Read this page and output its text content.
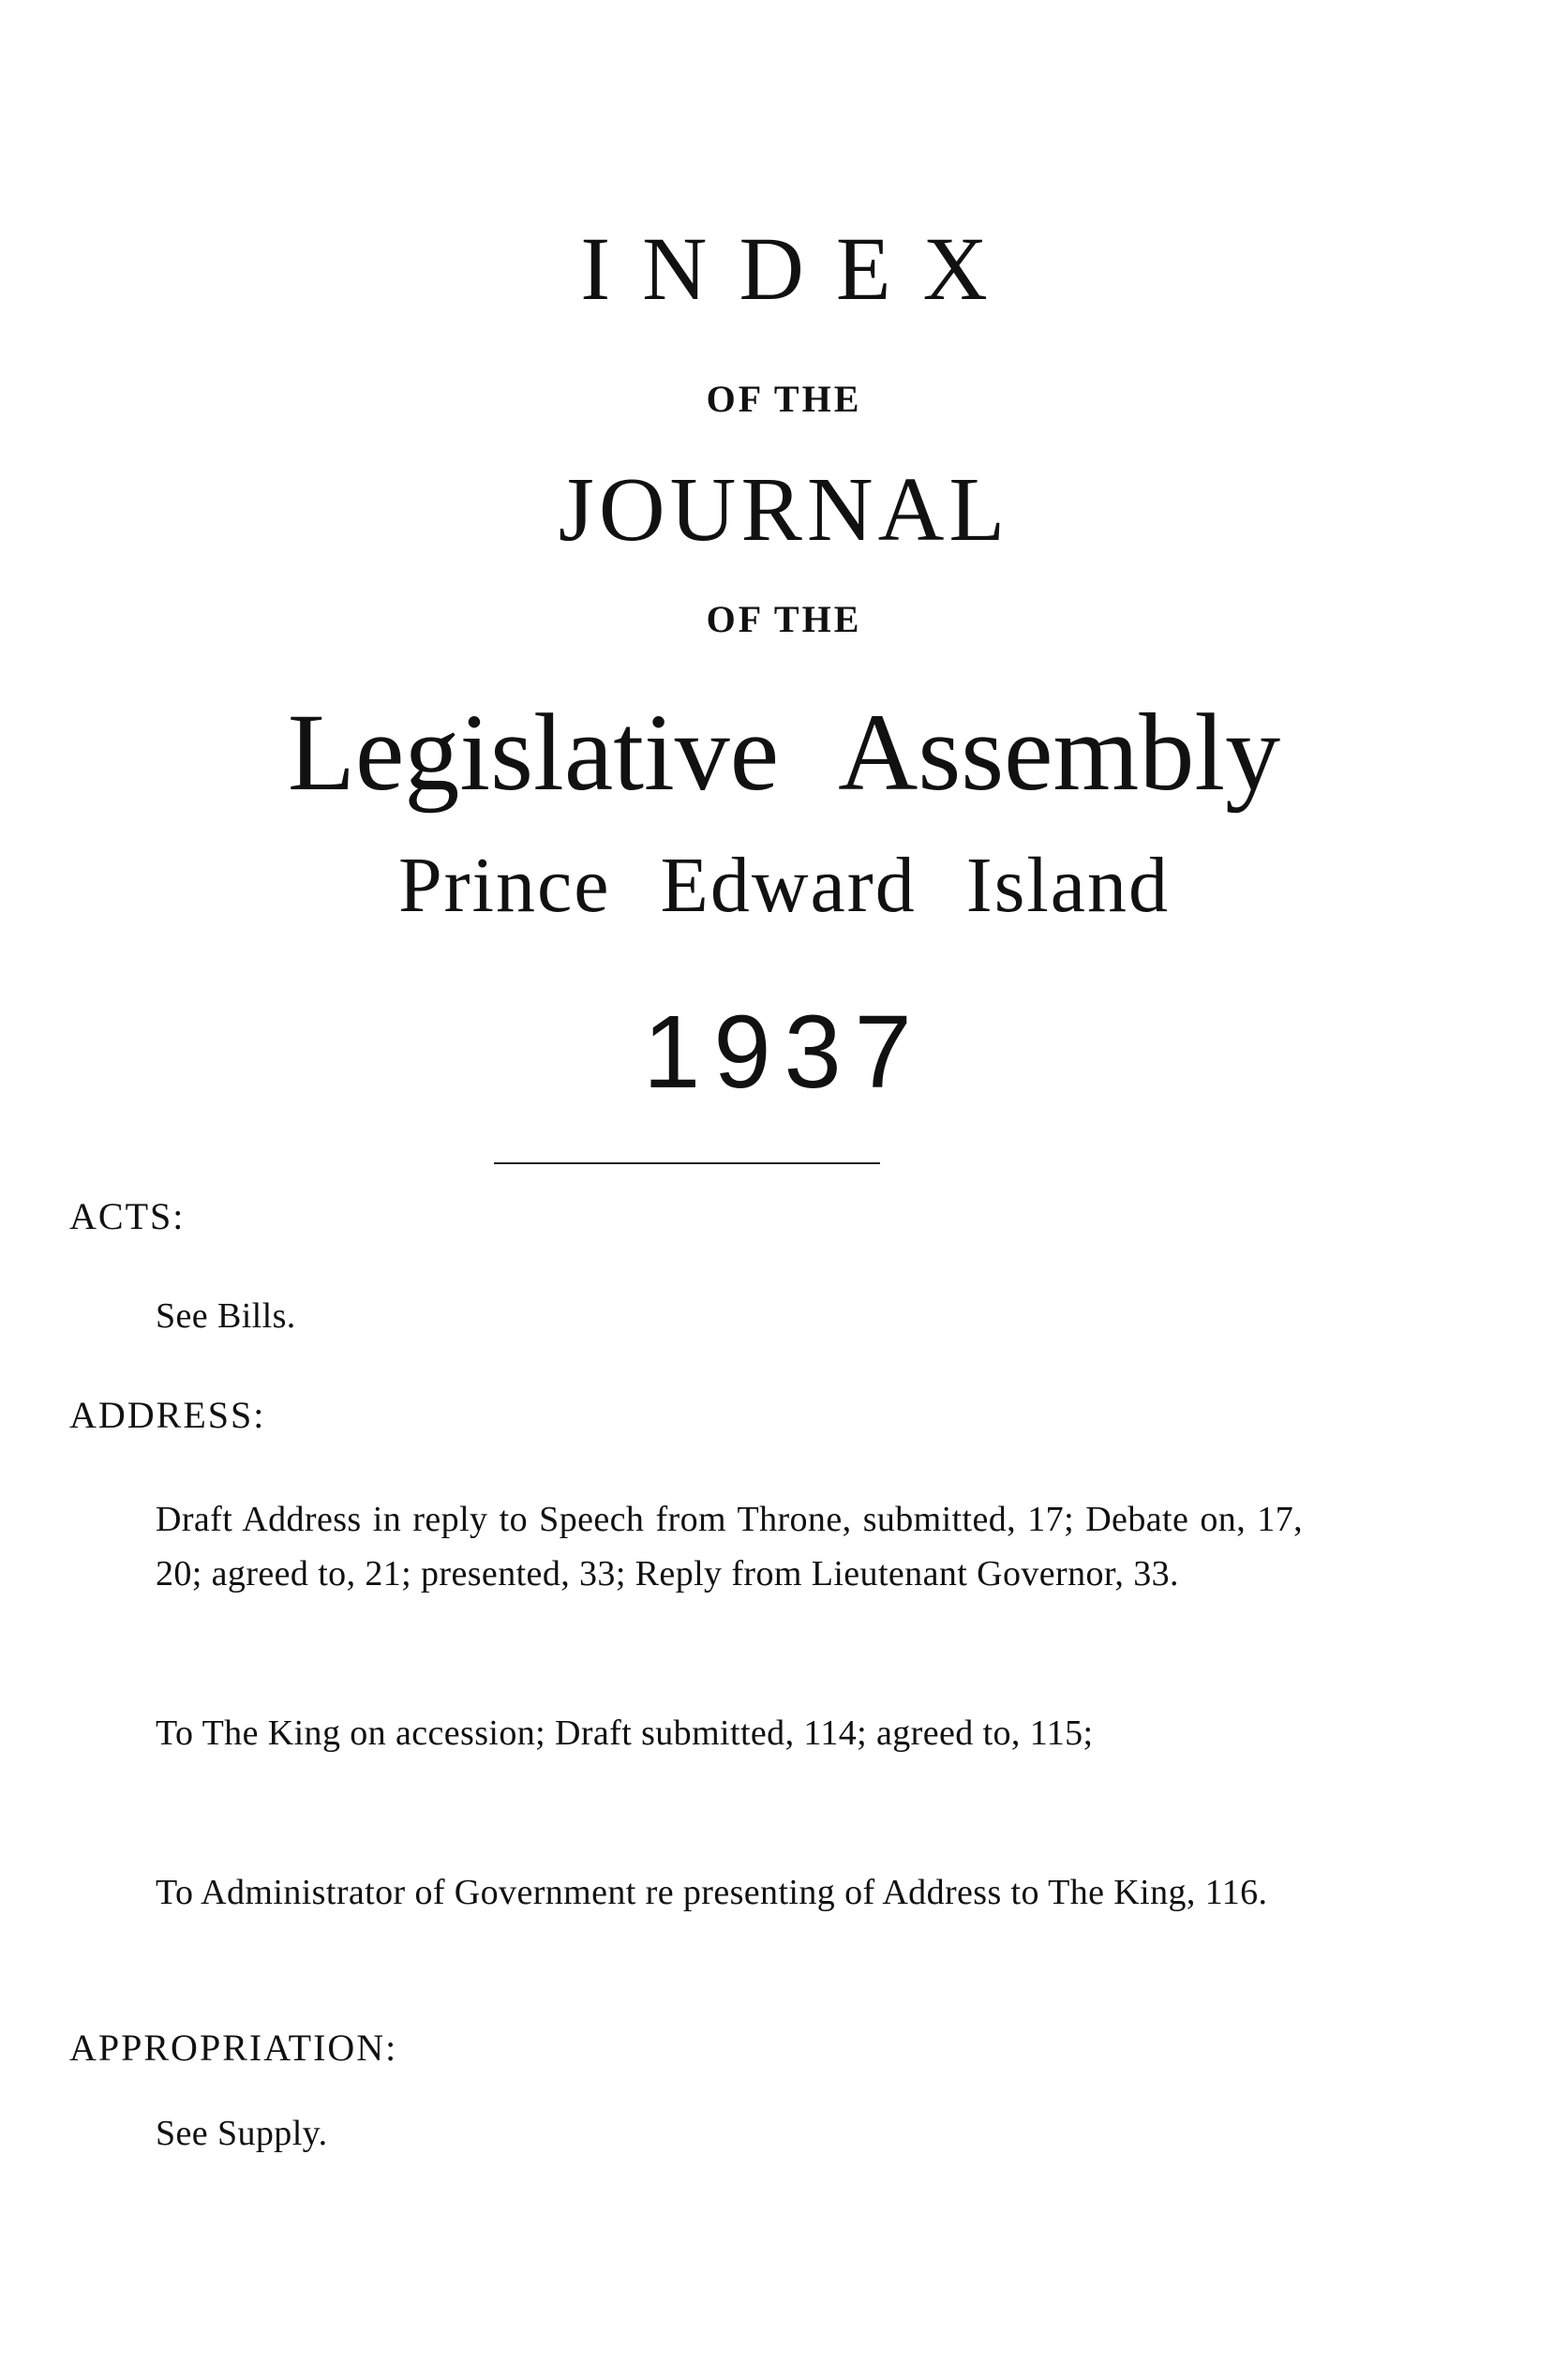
INDEX
OF THE
JOURNAL
OF THE
Legislative Assembly
Prince Edward Island
1937
ACTS:
See Bills.
ADDRESS:
Draft Address in reply to Speech from Throne, submitted, 17; Debate on, 17, 20; agreed to, 21; presented, 33; Reply from Lieutenant Governor, 33.
To The King on accession; Draft submitted, 114; agreed to, 115;
To Administrator of Government re presenting of Address to The King, 116.
APPROPRIATION:
See Supply.
